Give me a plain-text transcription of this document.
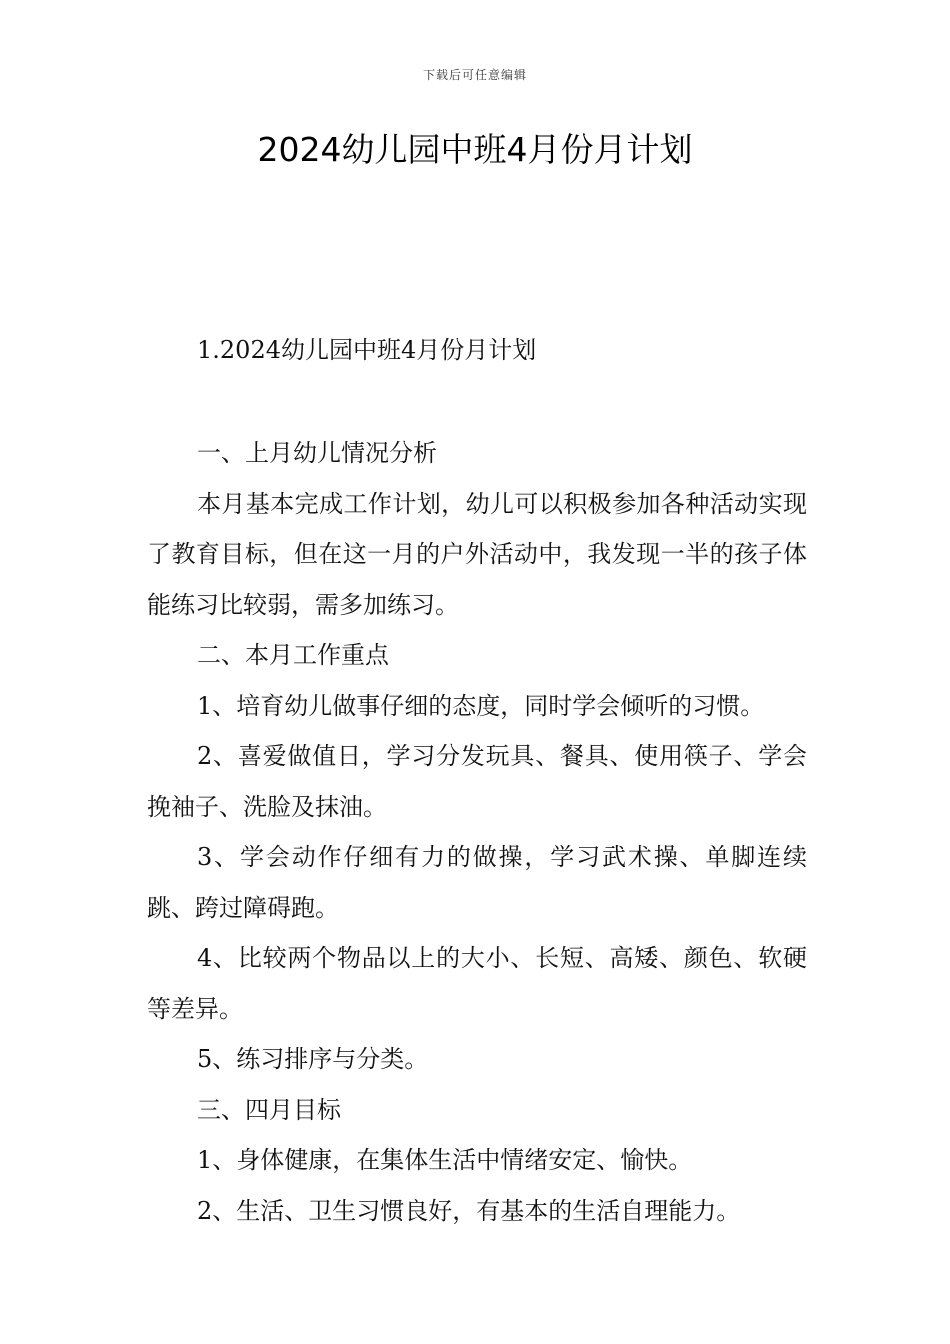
下载后可任意编辑
2024幼儿园中班4月份月计划
1.2024幼儿园中班4月份月计划

一、上月幼儿情况分析

本月基本完成工作计划，幼儿可以积极参加各种活动实现了教育目标，但在这一月的户外活动中，我发现一半的孩子体能练习比较弱，需多加练习。

二、本月工作重点

1、培育幼儿做事仔细的态度，同时学会倾听的习惯。

2、喜爱做值日，学习分发玩具、餐具、使用筷子、学会挽袖子、洗脸及抹油。

3、学会动作仔细有力的做操，学习武术操、单脚连续跳、跨过障碍跑。

4、比较两个物品以上的大小、长短、高矮、颜色、软硬等差异。

5、练习排序与分类。

三、四月目标

1、身体健康，在集体生活中情绪安定、愉快。

2、生活、卫生习惯良好，有基本的生活自理能力。
